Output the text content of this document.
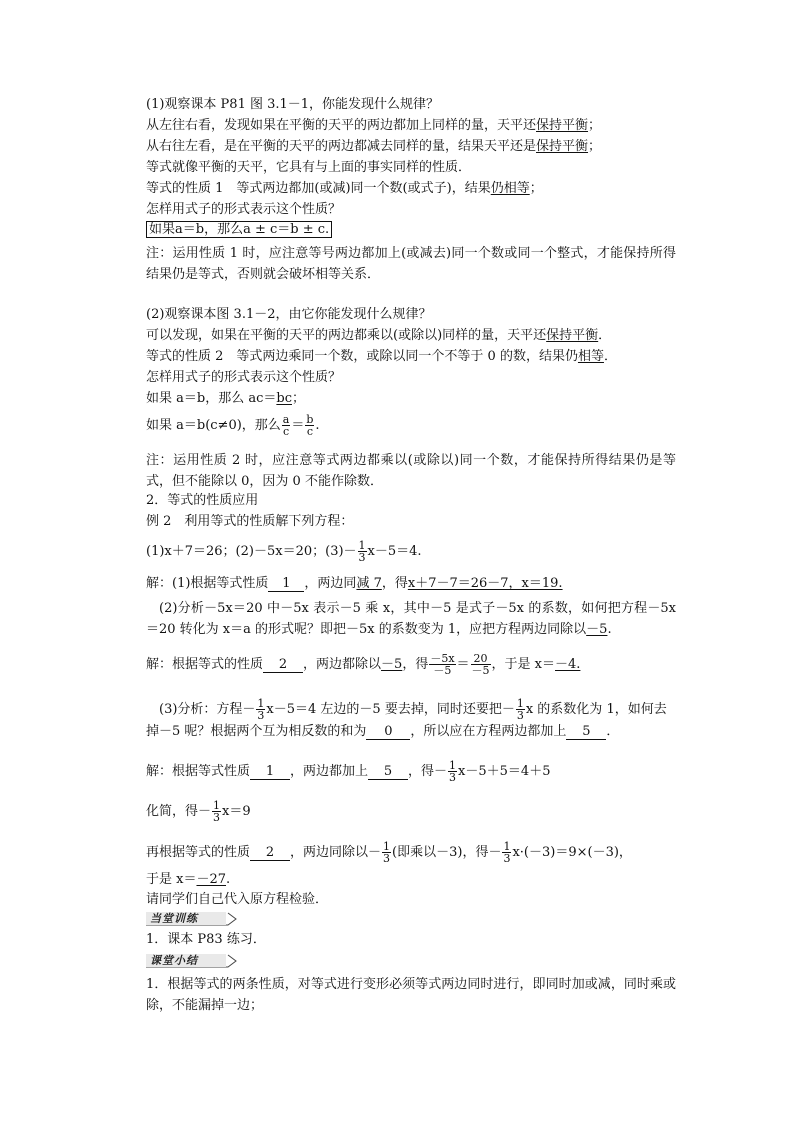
(1)观察课本 P81 图 3.1－1，你能发现什么规律？
从左往右看，发现如果在平衡的天平的两边都加上同样的量，天平还保持平衡；
从右往左看，是在平衡的天平的两边都减去同样的量，结果天平还是保持平衡；
等式就像平衡的天平，它具有与上面的事实同样的性质．
等式的性质 1　等式两边都加(或减)同一个数(或式子)，结果仍相等；
怎样用式子的形式表示这个性质？
如果a＝b，那么a ± c＝b ± c.
注：运用性质 1 时，应注意等号两边都加上(或减去)同一个数或同一个整式，才能保持所得结果仍是等式，否则就会破坏相等关系．
(2)观察课本图 3.1－2，由它你能发现什么规律？
可以发现，如果在平衡的天平的两边都乘以(或除以)同样的量，天平还保持平衡．
等式的性质 2　等式两边乘同一个数，或除以同一个不等于 0 的数，结果仍相等．
怎样用式子的形式表示这个性质？
如果 a＝b，那么 ac＝bc；
如果 a＝b(c≠0)，那么 $\frac{a}{c} = \frac{b}{c}$ .
注：运用性质 2 时，应注意等式两边都乘以(或除以)同一个数，才能保持所得结果仍是等式，但不能除以 0，因为 0 不能作除数．
2．等式的性质应用
例 2　利用等式的性质解下列方程：
(1)x＋7＝26；(2)－5x＝20；$(3)- \frac{1}{3} x-5=4$.
解：(1)根据等式性质 1 ，两边同减 7，得x＋7－7＝26－7，x＝19.
(2)分析－5x＝20 中－5x 表示－5 乘 x，其中－5 是式子－5x 的系数，如何把方程－5x＝20 转化为 x＝a 的形式呢？即把－5x 的系数变为 1，应把方程两边同除以－5.
解：根据等式的性质 2 ，两边都除以－5，得 $\frac{-5x}{-5} = \frac{20}{-5}$ ，于是 x＝－4.
(3)分析：方程－ $\frac{1}{3} x-5=4$ 左边的－5 要去掉，同时还要把－ $\frac{1}{3}$ x 的系数化为 1，如何去
掉－5 呢？根据两个互为相反数的和为 0 ，所以应在方程两边都加上 5 ．
解：根据等式性质 1 ，两边都加上 5 ，得－ $\frac{1}{3} x-5+5=4+5$
化简，得－ $\frac{1}{3} x=9$
再根据等式的性质 2 ，两边同除以－ $\frac{1}{3}$ (即乘以－3)，得－ $\frac{1}{3} x\cdot(-3)=9\times(-3)$，
于是 x＝－27.
请同学们自己代入原方程检验．
当堂训练
1．课本 P83 练习．
课堂小结
1．根据等式的两条性质，对等式进行变形必须等式两边同时进行，即同时加或减，同时乘或除，不能漏掉一边；
